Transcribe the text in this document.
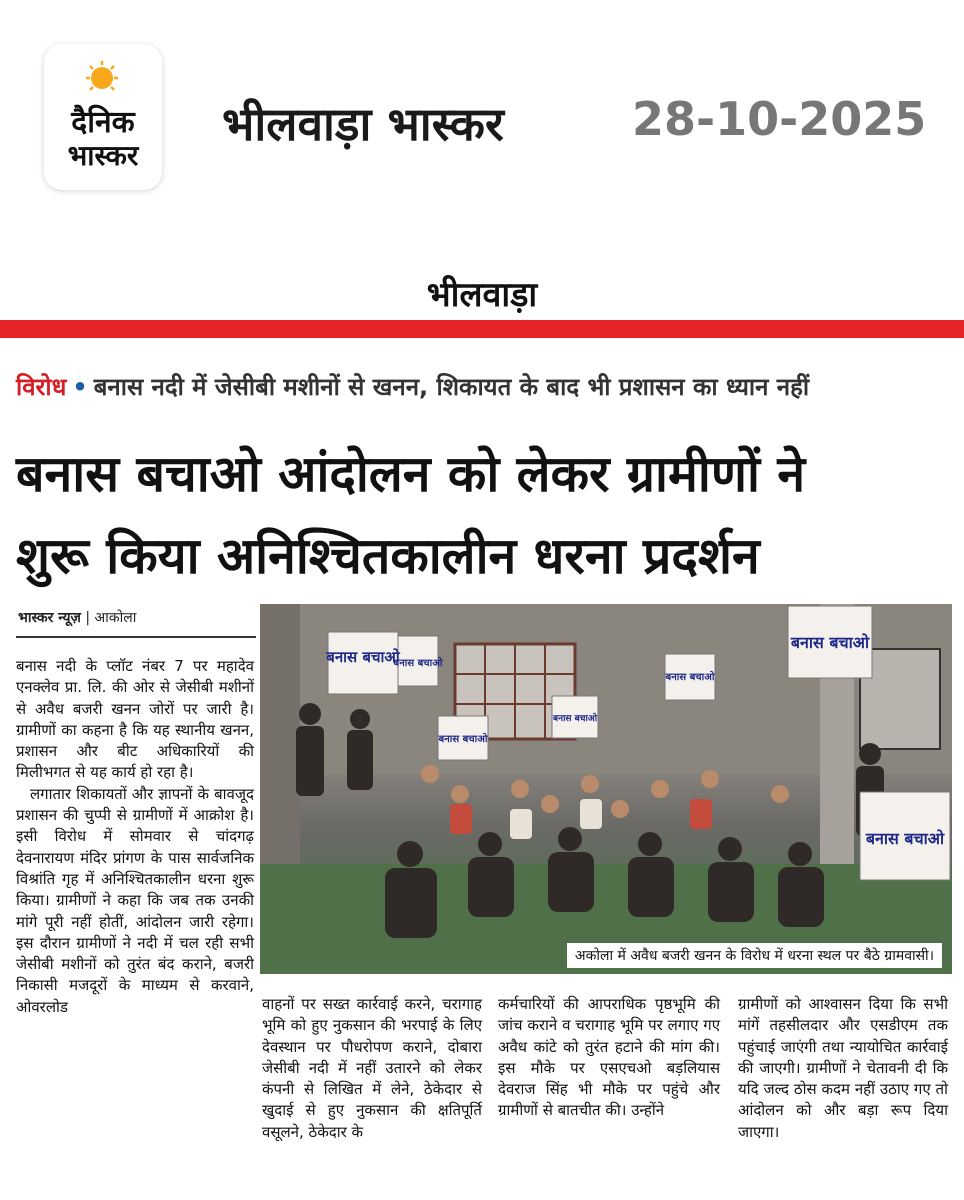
दैनिक
भास्कर
भीलवाड़ा भास्कर	28-10-2025
भीलवाड़ा
विरोध • बनास नदी में जेसीबी मशीनों से खनन, शिकायत के बाद भी प्रशासन का ध्यान नहीं
बनास बचाओ आंदोलन को लेकर ग्रामीणों ने
शुरू किया अनिश्चितकालीन धरना प्रदर्शन
भास्कर न्यूज़ | आकोला
बनास बचाओ
बनास बचाओ
बनास बचाओ
बनास बचाओ
बनास बचाओ
बनास बचाओ
बनास बचाओ
अकोला में अवैध बजरी खनन के विरोध में धरना स्थल पर बैठे ग्रामवासी।

बनास नदी के प्लॉट नंबर 7 पर महादेव एनक्लेव प्रा. लि. की ओर से जेसीबी मशीनों से अवैध बजरी खनन जोरों पर जारी है। ग्रामीणों का कहना है कि यह स्थानीय खनन, प्रशासन और बीट अधिकारियों की मिलीभगत से यह कार्य हो रहा है।

लगातार शिकायतों और ज्ञापनों के बावजूद प्रशासन की चुप्पी से ग्रामीणों में आक्रोश है। इसी विरोध में सोमवार से चांदगढ़ देवनारायण मंदिर प्रांगण के पास सार्वजनिक विश्रांति गृह में अनिश्चितकालीन धरना शुरू किया। ग्रामीणों ने कहा कि जब तक उनकी मांगे पूरी नहीं होतीं, आंदोलन जारी रहेगा। इस दौरान ग्रामीणों ने नदी में चल रही सभी जेसीबी मशीनों को तुरंत बंद कराने, बजरी निकासी मजदूरों के माध्यम से करवाने, ओवरलोड	वाहनों पर सख्त कार्रवाई करने, चरागाह भूमि को हुए नुकसान की भरपाई के लिए देवस्थान पर पौधरोपण कराने, दोबारा जेसीबी नदी में नहीं उतारने को लेकर कंपनी से लिखित में लेने, ठेकेदार से खुदाई से हुए नुकसान की क्षतिपूर्ति वसूलने, ठेकेदार के

कर्मचारियों की आपराधिक पृष्ठभूमि की जांच कराने व चरागाह भूमि पर लगाए गए अवैध कांटे को तुरंत हटाने की मांग की। इस मौके पर एसएचओ बड़लियास देवराज सिंह भी मौके पर पहुंचे और ग्रामीणों से बातचीत की। उन्होंने

ग्रामीणों को आश्वासन दिया कि सभी मांगें तहसीलदार और एसडीएम तक पहुंचाई जाएंगी तथा न्यायोचित कार्रवाई की जाएगी। ग्रामीणों ने चेतावनी दी कि यदि जल्द ठोस कदम नहीं उठाए गए तो आंदोलन को और बड़ा रूप दिया जाएगा।
